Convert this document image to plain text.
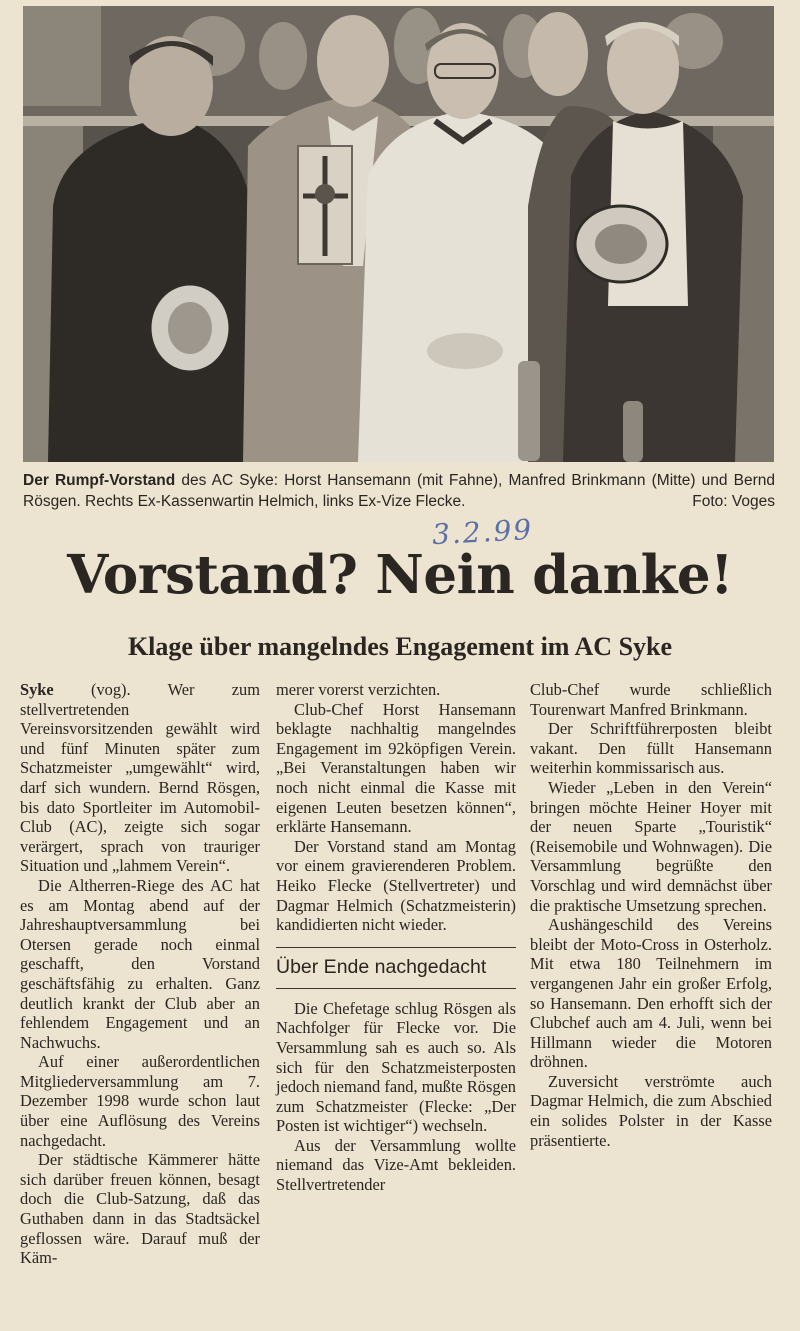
Der Rumpf-Vorstand des AC Syke: Horst Hansemann (mit Fahne), Manfred Brinkmann (Mitte) und Bernd Rösgen. Rechts Ex-Kassenwartin Helmich, links Ex-Vize Flecke.	Foto: Voges

3.2.99
Vorstand? Nein danke!
Klage über mangelndes Engagement im AC Syke

Syke (vog). Wer zum stellvertretenden Vereinsvorsitzenden gewählt wird und fünf Minuten später zum Schatzmeister „umgewählt“ wird, darf sich wundern. Bernd Rösgen, bis dato Sportleiter im Automobil-Club (AC), zeigte sich sogar verärgert, sprach von trauriger Situation und „lahmem Verein“.

Die Altherren-Riege des AC hat es am Montag abend auf der Jahreshauptversammlung bei Otersen gerade noch einmal geschafft, den Vorstand geschäftsfähig zu erhalten. Ganz deutlich krankt der Club aber an fehlendem Engagement und an Nachwuchs.

Auf einer außerordentlichen Mitgliederversammlung am 7. Dezember 1998 wurde schon laut über eine Auflösung des Vereins nachgedacht.

Der städtische Kämmerer hätte sich darüber freuen können, besagt doch die Club-Satzung, daß das Guthaben dann in das Stadtsäckel geflossen wäre. Darauf muß der Käm-

merer vorerst verzichten.

Club-Chef Horst Hansemann beklagte nachhaltig mangelndes Engagement im 92köpfigen Verein. „Bei Veranstaltungen haben wir noch nicht einmal die Kasse mit eigenen Leuten besetzen können“, erklärte Hansemann.

Der Vorstand stand am Montag vor einem gravierenderen Problem. Heiko Flecke (Stellvertreter) und Dagmar Helmich (Schatzmeisterin) kandidierten nicht wieder.

Über Ende nachgedacht

Die Chefetage schlug Rösgen als Nachfolger für Flecke vor. Die Versammlung sah es auch so. Als sich für den Schatzmeisterposten jedoch niemand fand, mußte Rösgen zum Schatzmeister (Flecke: „Der Posten ist wichtiger“) wechseln.

Aus der Versammlung wollte niemand das Vize-Amt bekleiden. Stellvertretender

Club-Chef wurde schließlich Tourenwart Manfred Brinkmann.

Der Schriftführerposten bleibt vakant. Den füllt Hansemann weiterhin kommissarisch aus.

Wieder „Leben in den Verein“ bringen möchte Heiner Hoyer mit der neuen Sparte „Touristik“ (Reisemobile und Wohnwagen). Die Versammlung begrüßte den Vorschlag und wird demnächst über die praktische Umsetzung sprechen.

Aushängeschild des Vereins bleibt der Moto-Cross in Osterholz. Mit etwa 180 Teilnehmern im vergangenen Jahr ein großer Erfolg, so Hansemann. Den erhofft sich der Clubchef auch am 4. Juli, wenn bei Hillmann wieder die Motoren dröhnen.

Zuversicht verströmte auch Dagmar Helmich, die zum Abschied ein solides Polster in der Kasse präsentierte.
